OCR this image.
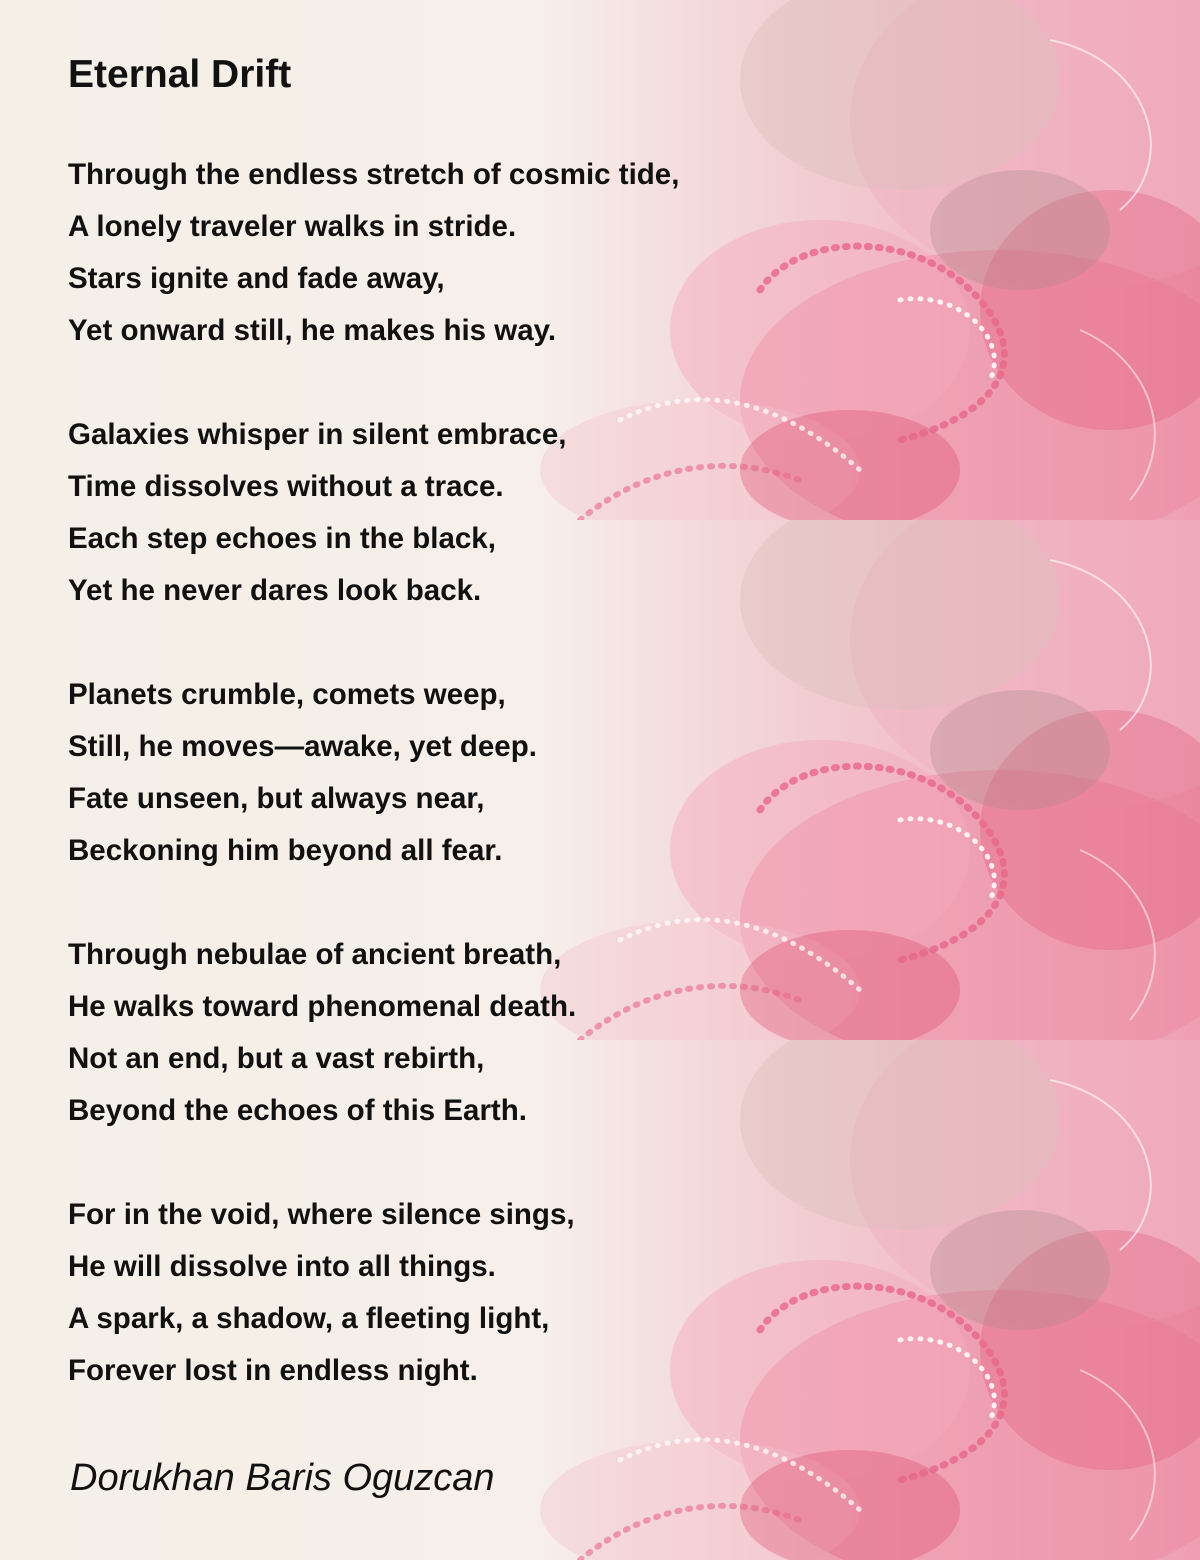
Eternal Drift
Through the endless stretch of cosmic tide,
A lonely traveler walks in stride.
Stars ignite and fade away,
Yet onward still, he makes his way.
Galaxies whisper in silent embrace,
Time dissolves without a trace.
Each step echoes in the black,
Yet he never dares look back.
Planets crumble, comets weep,
Still, he moves—awake, yet deep.
Fate unseen, but always near,
Beckoning him beyond all fear.
Through nebulae of ancient breath,
He walks toward phenomenal death.
Not an end, but a vast rebirth,
Beyond the echoes of this Earth.
For in the void, where silence sings,
He will dissolve into all things.
A spark, a shadow, a fleeting light,
Forever lost in endless night.
Dorukhan Baris Oguzcan
